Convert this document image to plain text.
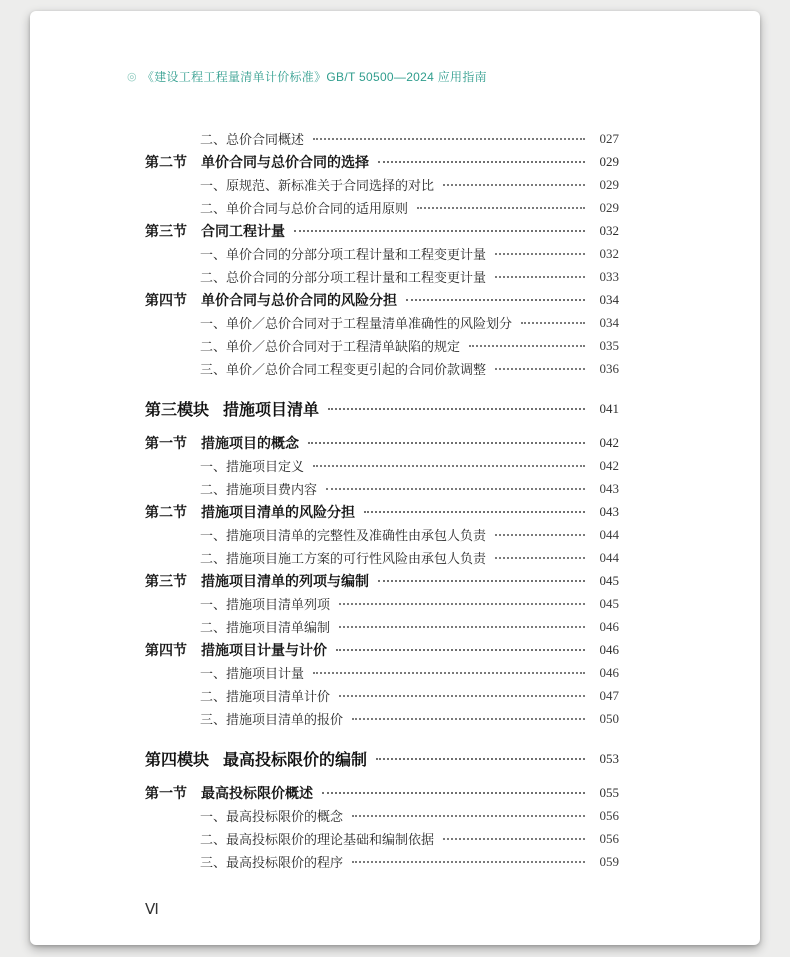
◎ 《建设工程工程量清单计价标准》GB/T 50500—2024 应用指南
二、总价合同概述	027
第二节 单价合同与总价合同的选择	029
一、原规范、新标准关于合同选择的对比	029
二、单价合同与总价合同的适用原则	029
第三节 合同工程计量	032
一、单价合同的分部分项工程计量和工程变更计量	032
二、总价合同的分部分项工程计量和工程变更计量	033
第四节 单价合同与总价合同的风险分担	034
一、单价／总价合同对于工程量清单准确性的风险划分	034
二、单价／总价合同对于工程清单缺陷的规定	035
三、单价／总价合同工程变更引起的合同价款调整	036
第三模块 措施项目清单	041
第一节 措施项目的概念	042
一、措施项目定义	042
二、措施项目费内容	043
第二节 措施项目清单的风险分担	043
一、措施项目清单的完整性及准确性由承包人负责	044
二、措施项目施工方案的可行性风险由承包人负责	044
第三节 措施项目清单的列项与编制	045
一、措施项目清单列项	045
二、措施项目清单编制	046
第四节 措施项目计量与计价	046
一、措施项目计量	046
二、措施项目清单计价	047
三、措施项目清单的报价	050
第四模块 最高投标限价的编制	053
第一节 最高投标限价概述	055
一、最高投标限价的概念	056
二、最高投标限价的理论基础和编制依据	056
三、最高投标限价的程序	059
Ⅵ
